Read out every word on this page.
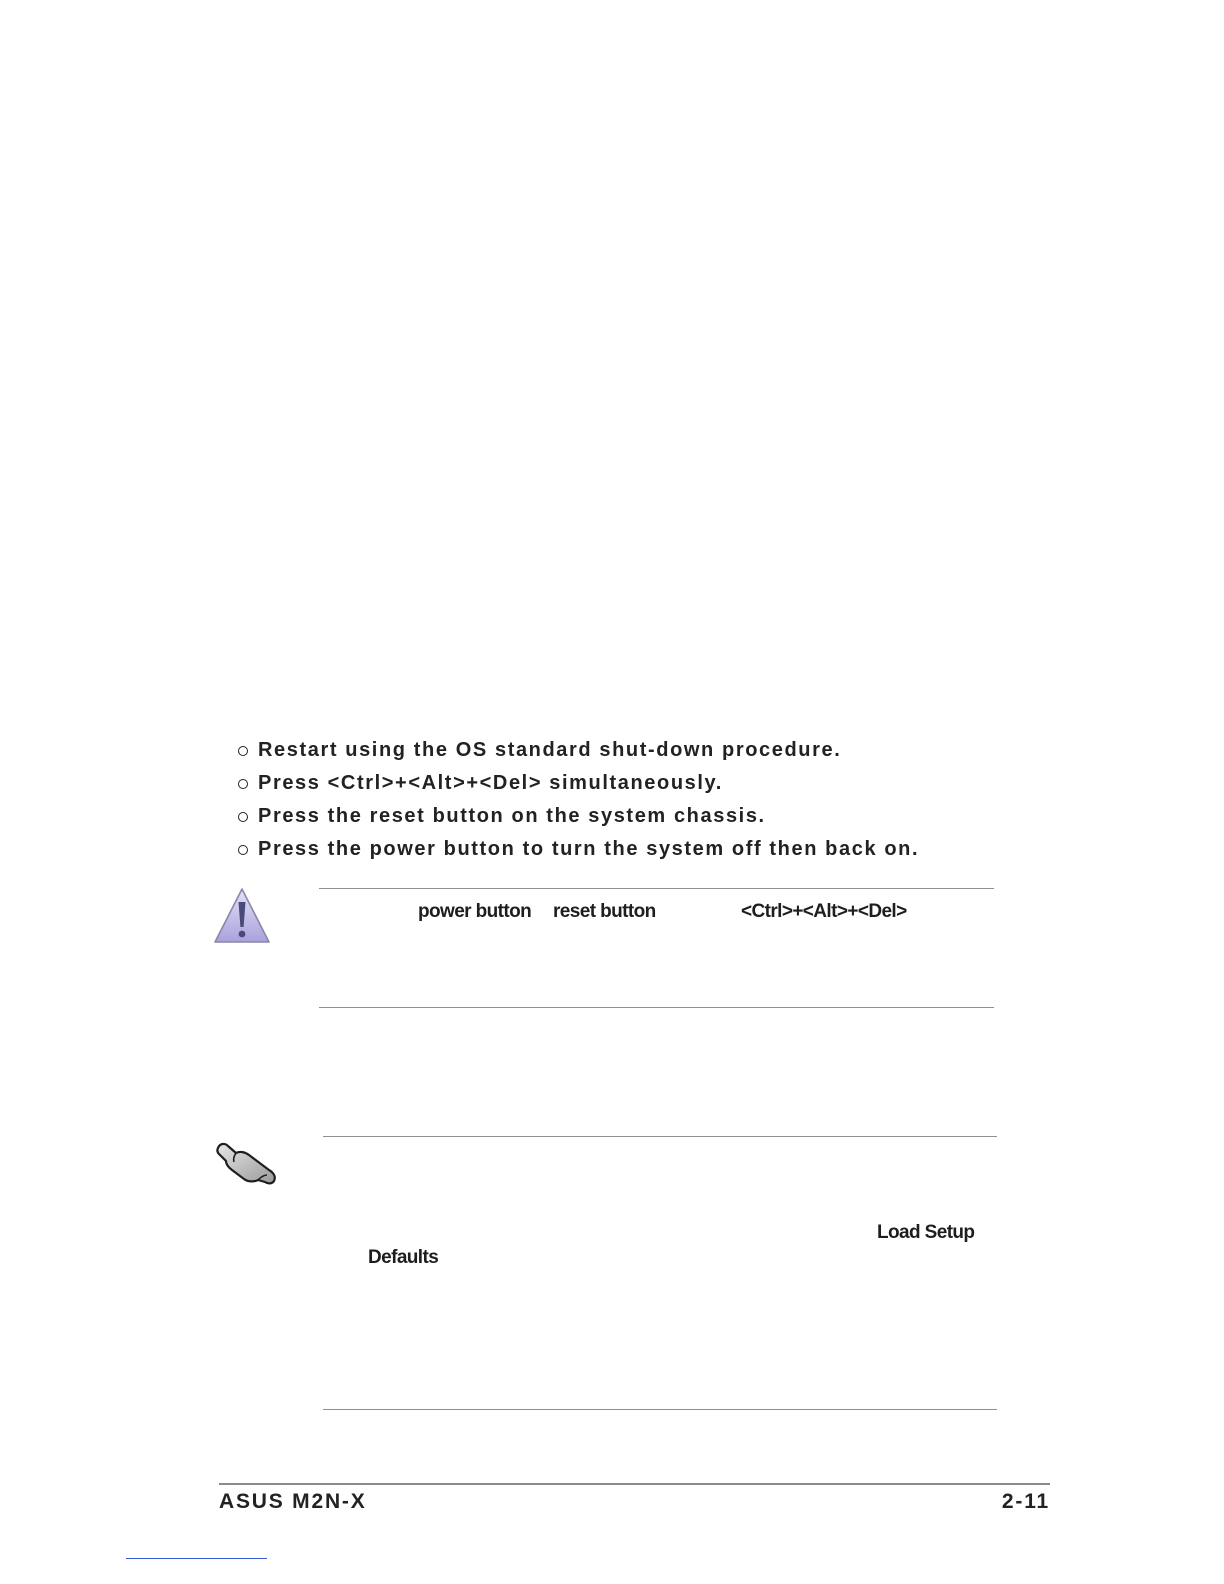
Restart using the OS standard shut-down procedure.
Press <Ctrl>+<Alt>+<Del> simultaneously.
Press the reset button on the system chassis.
Press the power button to turn the system off then back on.
power button reset button	<Ctrl>+<Alt>+<Del>
Load Setup
Defaults
ASUS M2N-X	2-11
